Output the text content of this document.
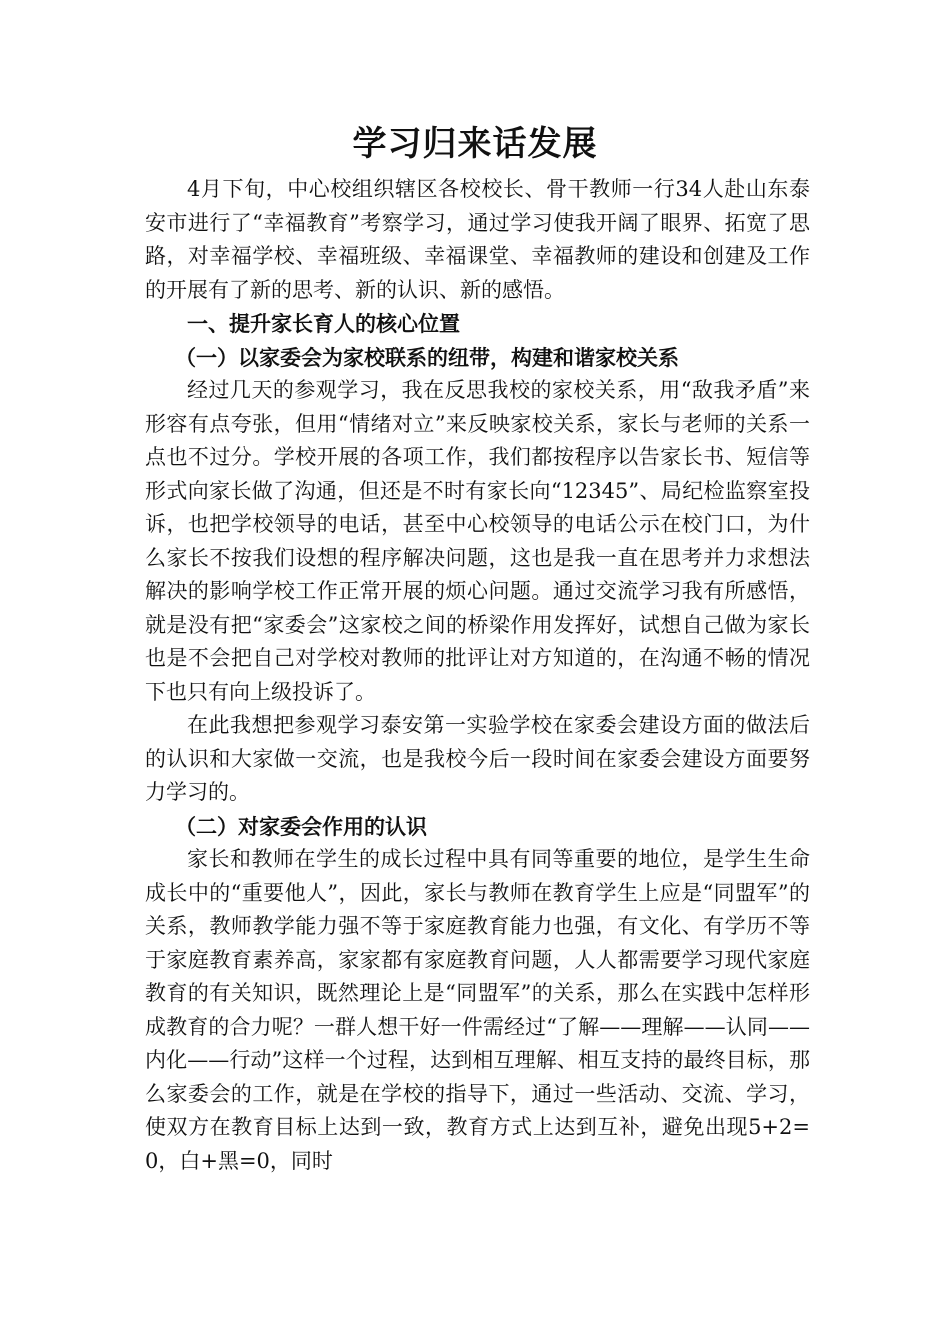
学习归来话发展

4月下旬，中心校组织辖区各校校长、骨干教师一行34人赴山东泰安市进行了“幸福教育”考察学习，通过学习使我开阔了眼界、拓宽了思路，对幸福学校、幸福班级、幸福课堂、幸福教师的建设和创建及工作的开展有了新的思考、新的认识、新的感悟。

一、提升家长育人的核心位置

（一）以家委会为家校联系的纽带，构建和谐家校关系

经过几天的参观学习，我在反思我校的家校关系，用“敌我矛盾”来形容有点夸张，但用“情绪对立”来反映家校关系，家长与老师的关系一点也不过分。学校开展的各项工作，我们都按程序以告家长书、短信等形式向家长做了沟通，但还是不时有家长向“12345”、局纪检监察室投诉，也把学校领导的电话，甚至中心校领导的电话公示在校门口，为什么家长不按我们设想的程序解决问题，这也是我一直在思考并力求想法解决的影响学校工作正常开展的烦心问题。通过交流学习我有所感悟，就是没有把“家委会”这家校之间的桥梁作用发挥好，试想自己做为家长也是不会把自己对学校对教师的批评让对方知道的，在沟通不畅的情况下也只有向上级投诉了。

在此我想把参观学习泰安第一实验学校在家委会建设方面的做法后的认识和大家做一交流，也是我校今后一段时间在家委会建设方面要努力学习的。

（二）对家委会作用的认识

家长和教师在学生的成长过程中具有同等重要的地位，是学生生命成长中的“重要他人”，因此，家长与教师在教育学生上应是“同盟军”的关系，教师教学能力强不等于家庭教育能力也强，有文化、有学历不等于家庭教育素养高，家家都有家庭教育问题，人人都需要学习现代家庭教育的有关知识，既然理论上是“同盟军”的关系，那么在实践中怎样形成教育的合力呢？一群人想干好一件需经过“了解——理解——认同——内化——行动”这样一个过程，达到相互理解、相互支持的最终目标，那么家委会的工作，就是在学校的指导下，通过一些活动、交流、学习，使双方在教育目标上达到一致，教育方式上达到互补，避免出现5+2=0，白+黑=0，同时
